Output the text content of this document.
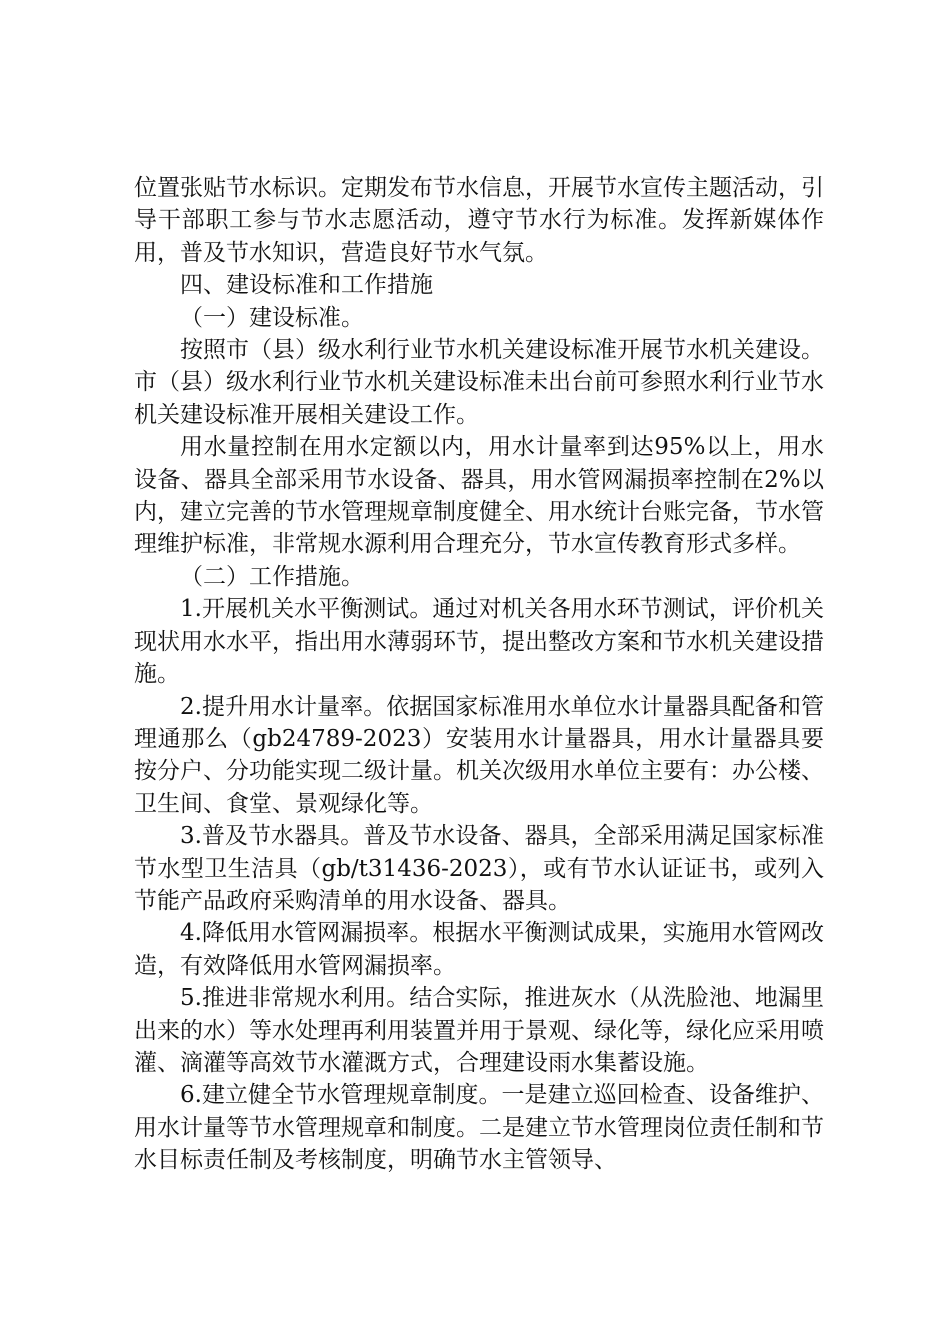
位置张贴节水标识。定期发布节水信息，开展节水宣传主题活动，引导干部职工参与节水志愿活动，遵守节水行为标准。发挥新媒体作用，普及节水知识，营造良好节水气氛。

四、建设标准和工作措施

（一）建设标准。

按照市（县）级水利行业节水机关建设标准开展节水机关建设。市（县）级水利行业节水机关建设标准未出台前可参照水利行业节水机关建设标准开展相关建设工作。

用水量控制在用水定额以内，用水计量率到达95%以上，用水设备、器具全部采用节水设备、器具，用水管网漏损率控制在2%以内，建立完善的节水管理规章制度健全、用水统计台账完备，节水管理维护标准，非常规水源利用合理充分，节水宣传教育形式多样。

（二）工作措施。

1.开展机关水平衡测试。通过对机关各用水环节测试，评价机关现状用水水平，指出用水薄弱环节，提出整改方案和节水机关建设措施。

2.提升用水计量率。依据国家标准用水单位水计量器具配备和管理通那么（gb24789-2023）安装用水计量器具，用水计量器具要按分户、分功能实现二级计量。机关次级用水单位主要有：办公楼、卫生间、食堂、景观绿化等。

3.普及节水器具。普及节水设备、器具，全部采用满足国家标准节水型卫生洁具（gb/t31436-2023），或有节水认证证书，或列入节能产品政府采购清单的用水设备、器具。

4.降低用水管网漏损率。根据水平衡测试成果，实施用水管网改造，有效降低用水管网漏损率。

5.推进非常规水利用。结合实际，推进灰水（从洗脸池、地漏里出来的水）等水处理再利用装置并用于景观、绿化等，绿化应采用喷灌、滴灌等高效节水灌溉方式，合理建设雨水集蓄设施。

6.建立健全节水管理规章制度。一是建立巡回检查、设备维护、用水计量等节水管理规章和制度。二是建立节水管理岗位责任制和节水目标责任制及考核制度，明确节水主管领导、
